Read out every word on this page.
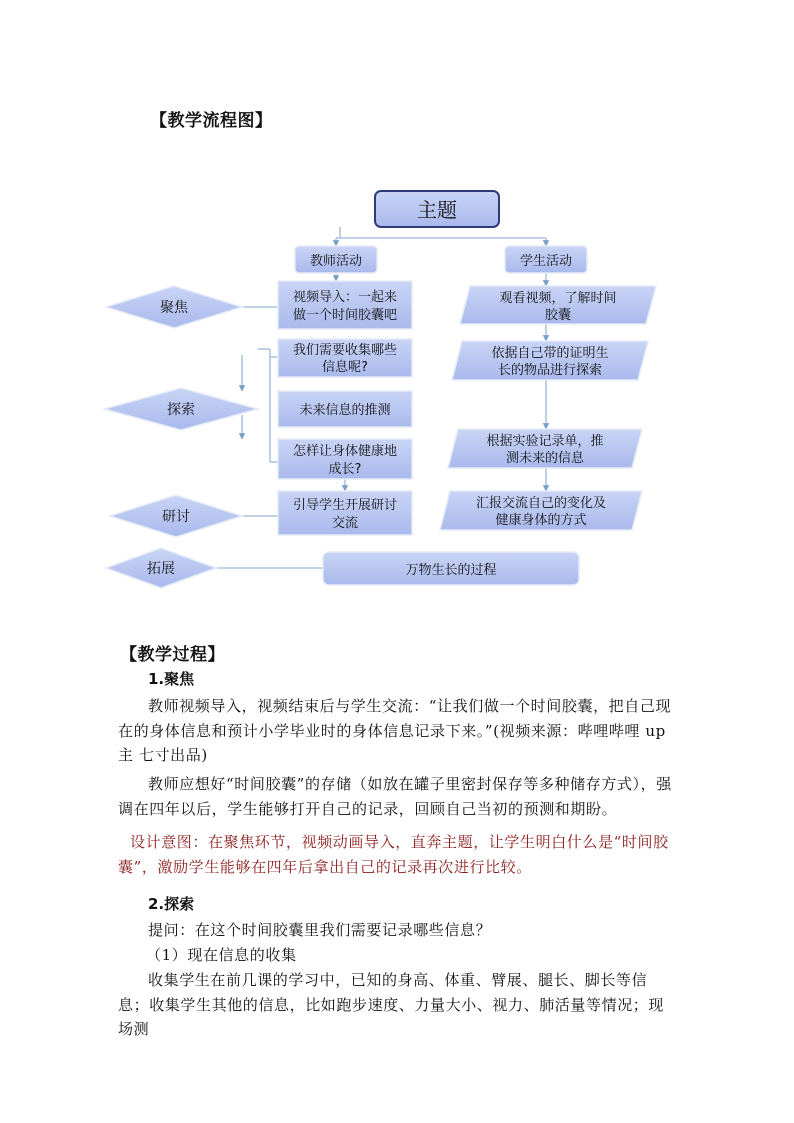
【教学流程图】
主题
教师活动	学生活动
聚焦
探索
研讨
拓展
视频导入：一起来
做一个时间胶囊吧
我们需要收集哪些
信息呢?
未来信息的推测
怎样让身体健康地
成长?
引导学生开展研讨
交流
观看视频，了解时间
胶囊
依据自己带的证明生
长的物品进行探索
根据实验记录单，推
测未来的信息
汇报交流自己的变化及
健康身体的方式
万物生长的过程
【教学过程】
1.聚焦
教师视频导入，视频结束后与学生交流：“让我们做一个时间胶囊，把自己现在的身体信息和预计小学毕业时的身体信息记录下来。”(视频来源：哔哩哔哩 up 主 七寸出品)
教师应想好“时间胶囊”的存储（如放在罐子里密封保存等多种储存方式），强调在四年以后，学生能够打开自己的记录，回顾自己当初的预测和期盼。
设计意图：在聚焦环节，视频动画导入，直奔主题，让学生明白什么是“时间胶囊”，激励学生能够在四年后拿出自己的记录再次进行比较。
2.探索
提问：在这个时间胶囊里我们需要记录哪些信息？
（1）现在信息的收集
收集学生在前几课的学习中，已知的身高、体重、臂展、腿长、脚长等信息；收集学生其他的信息，比如跑步速度、力量大小、视力、肺活量等情况；现场测
